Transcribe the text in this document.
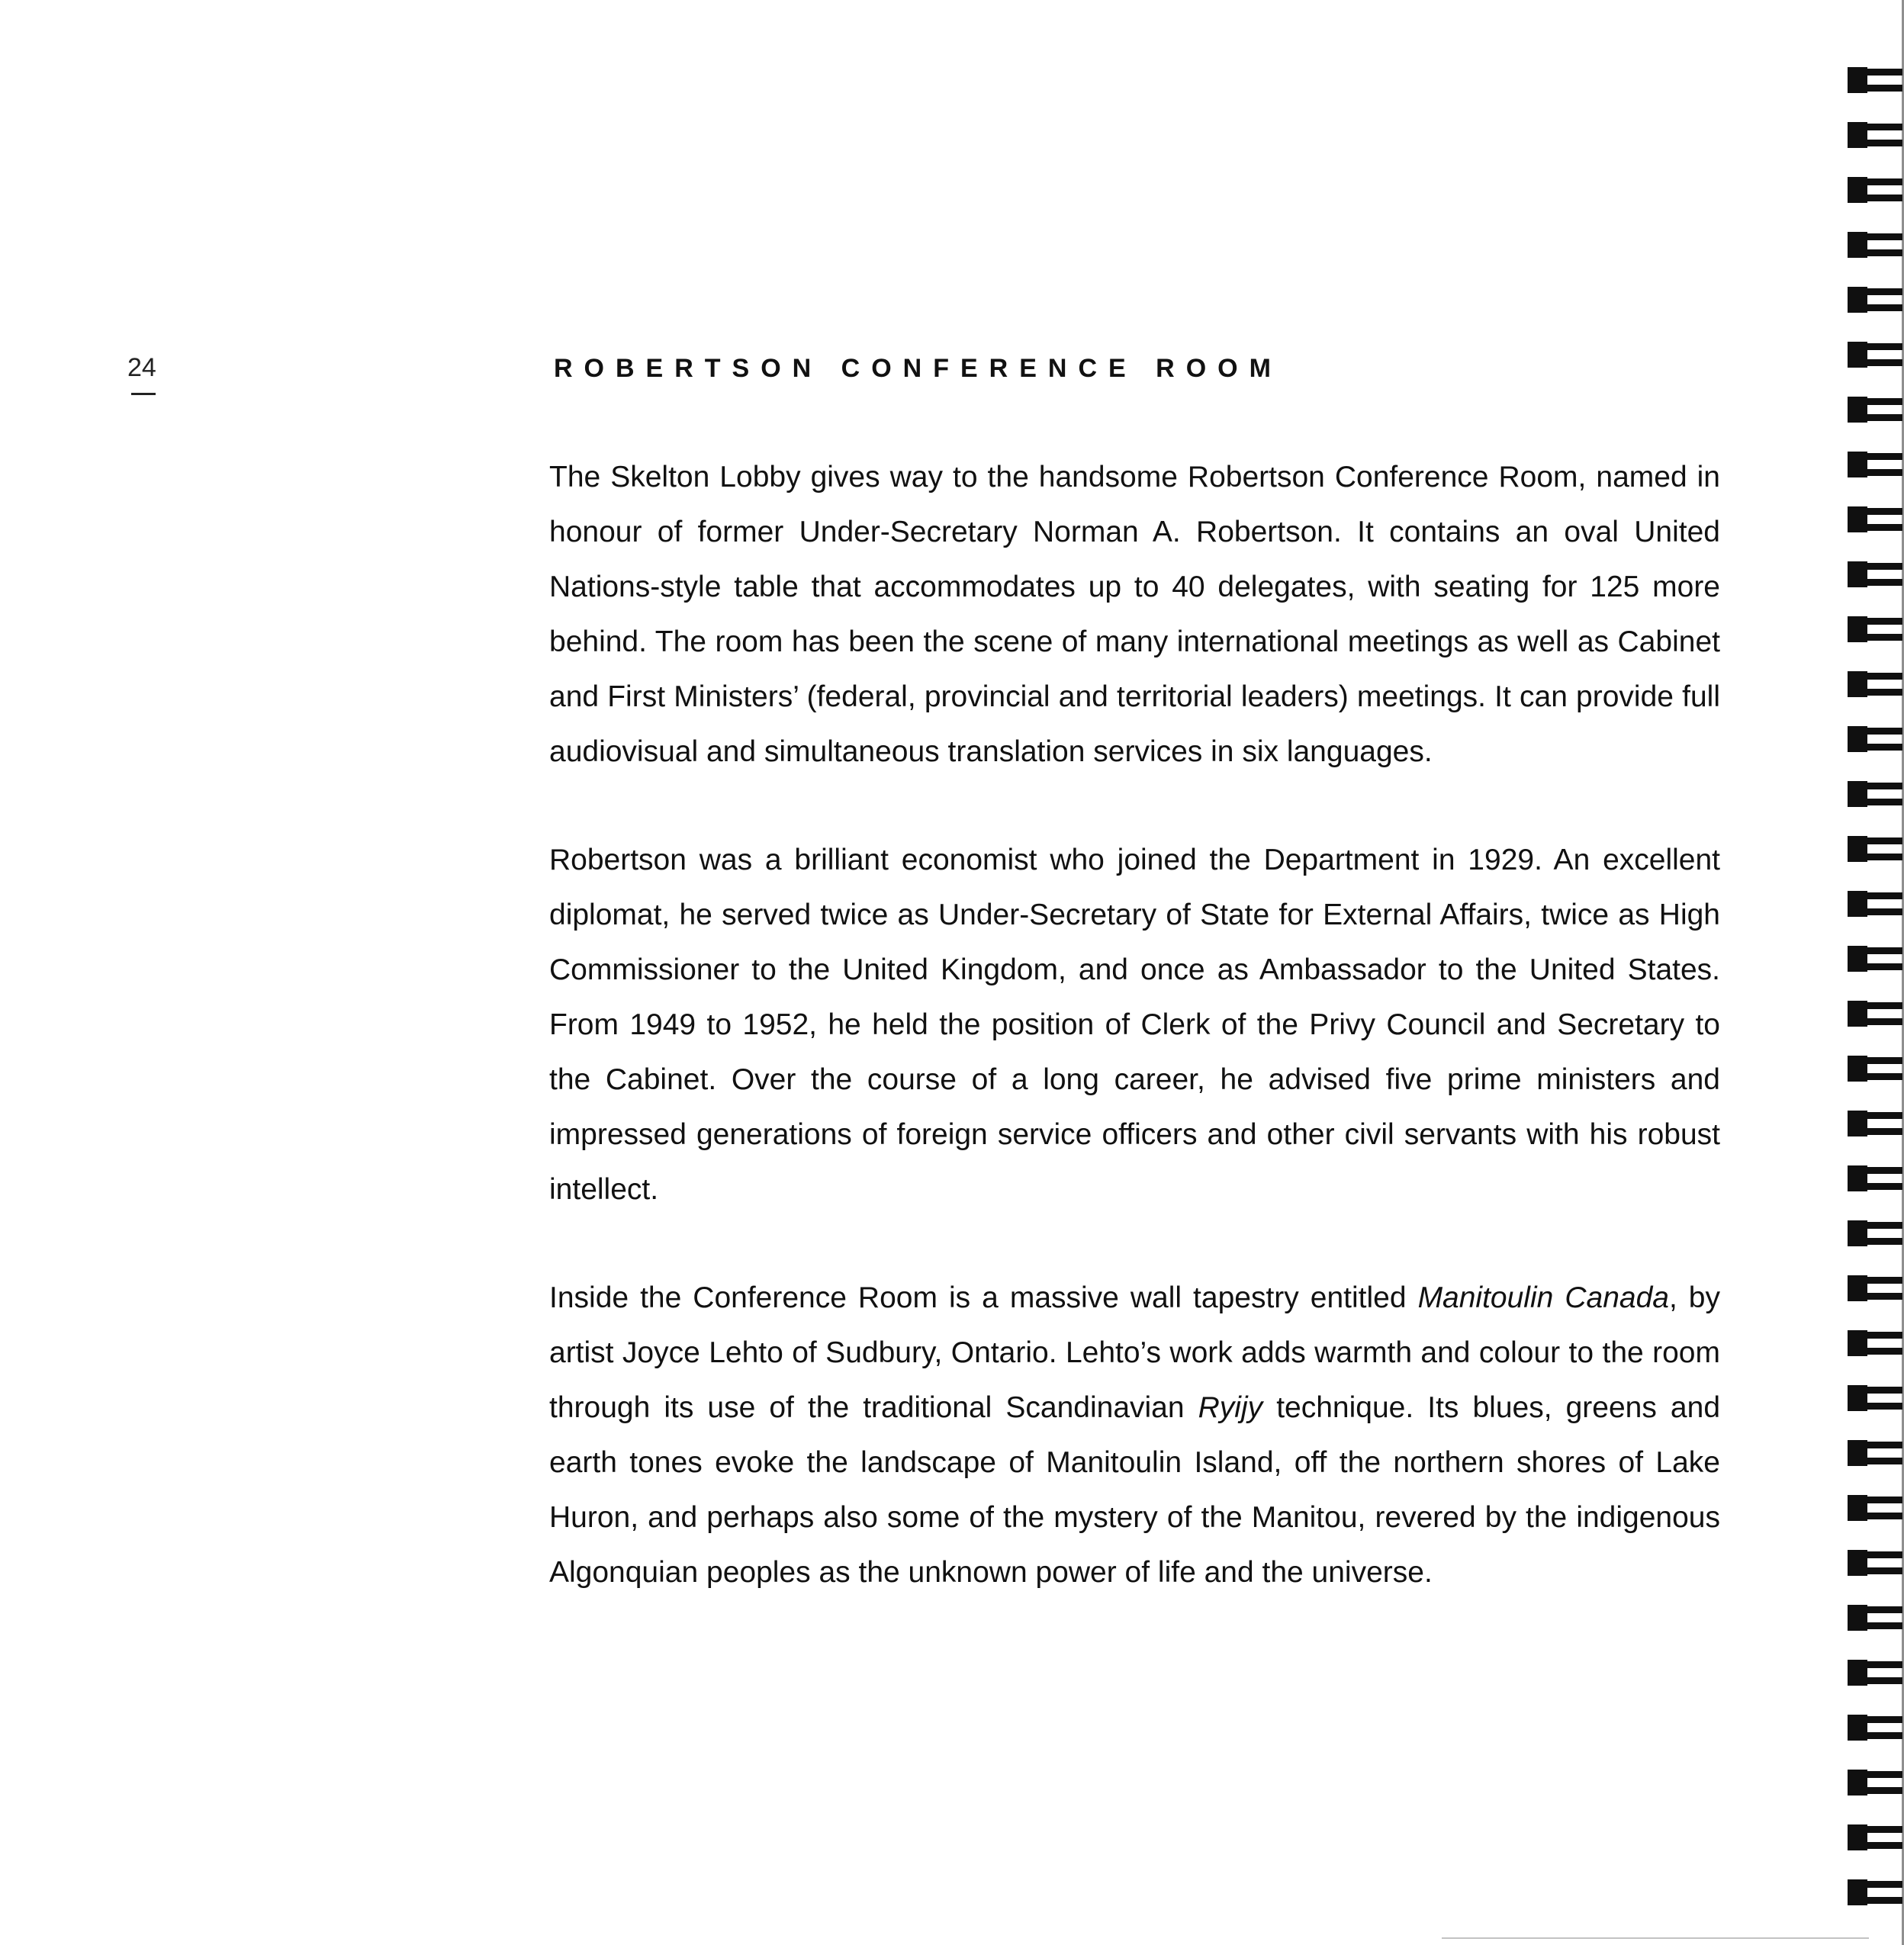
24	ROBERTSON CONFERENCE ROOM

The Skelton Lobby gives way to the handsome Robertson Conference Room, named in honour of former Under-Secretary Norman A. Robertson. It contains an oval United Nations-style table that accommodates up to 40 delegates, with seating for 125 more behind. The room has been the scene of many international meetings as well as Cabinet and First Ministers’ (federal, provincial and territorial leaders) meetings. It can provide full audiovisual and simultaneous translation services in six languages.

Robertson was a brilliant economist who joined the Department in 1929. An excellent diplomat, he served twice as Under-Secretary of State for External Affairs, twice as High Commissioner to the United Kingdom, and once as Ambassador to the United States. From 1949 to 1952, he held the position of Clerk of the Privy Council and Secretary to the Cabinet. Over the course of a long career, he advised five prime ministers and impressed generations of foreign service officers and other civil servants with his robust intellect.

Inside the Conference Room is a massive wall tapestry entitled Manitoulin Canada, by artist Joyce Lehto of Sudbury, Ontario. Lehto’s work adds warmth and colour to the room through its use of the traditional Scandinavian Ryijy technique. Its blues, greens and earth tones evoke the landscape of Manitoulin Island, off the northern shores of Lake Huron, and perhaps also some of the mystery of the Manitou, revered by the indigenous Algonquian peoples as the unknown power of life and the universe.
